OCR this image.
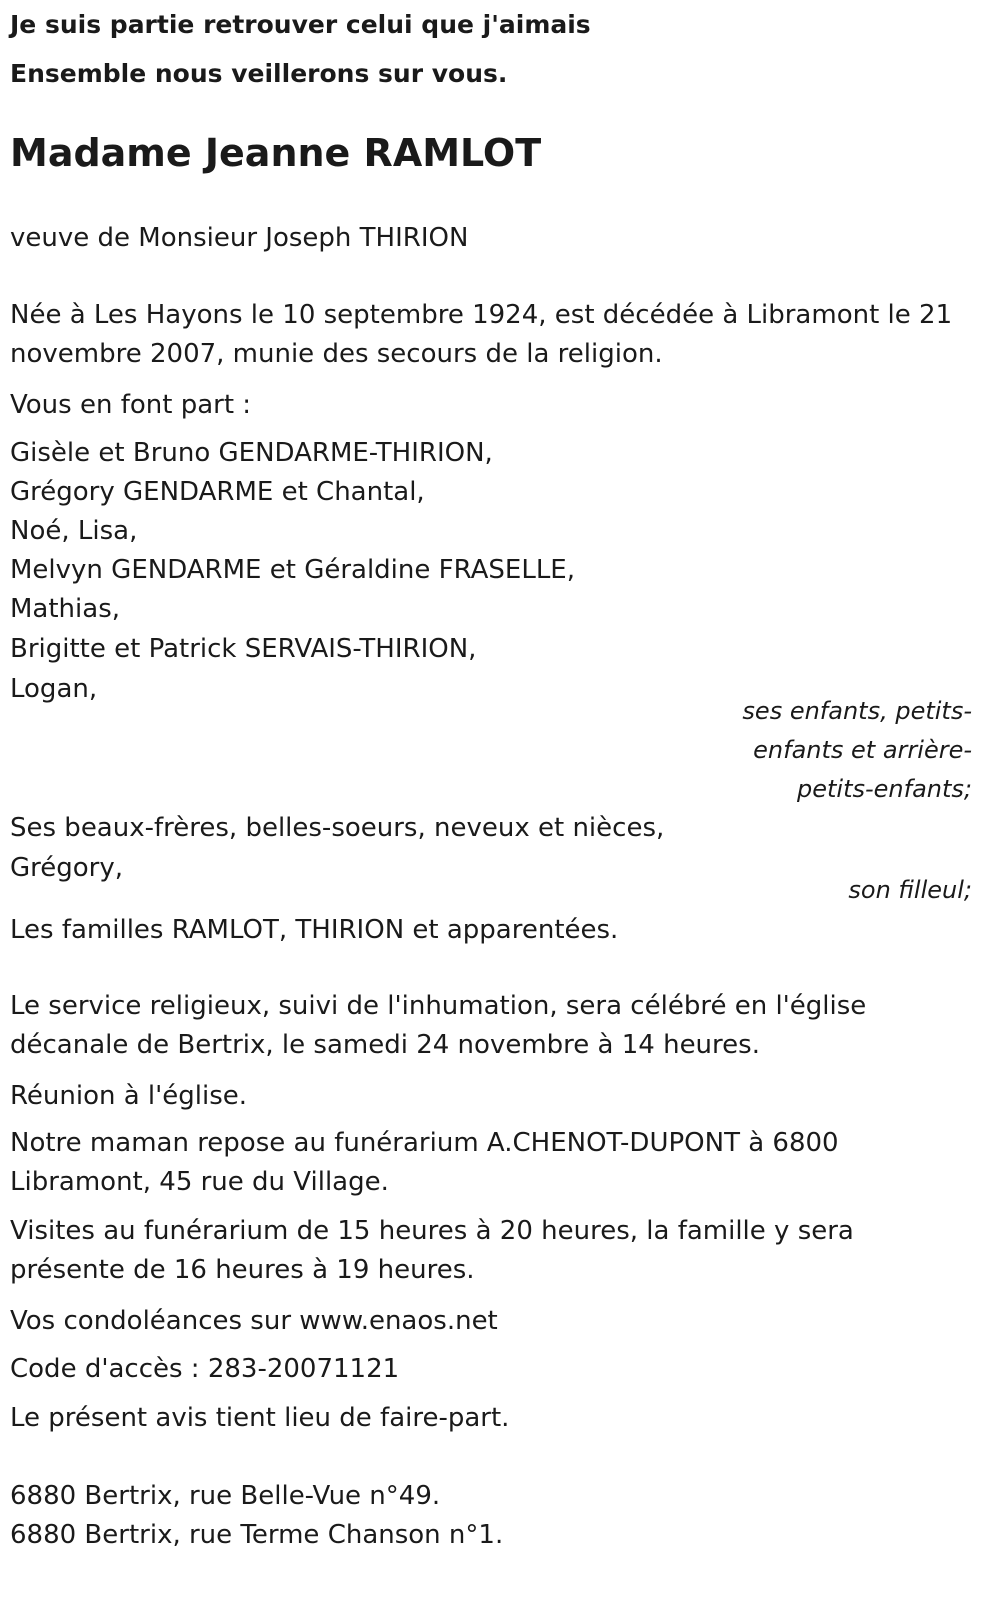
Je suis partie retrouver celui que j'aimais
Ensemble nous veillerons sur vous.
Madame Jeanne RAMLOT
veuve de Monsieur Joseph THIRION
Née à Les Hayons le 10 septembre 1924, est décédée à Libramont le 21 novembre 2007, munie des secours de la religion.
Vous en font part :
Gisèle et Bruno GENDARME-THIRION,
Grégory GENDARME et Chantal,
Noé, Lisa,
Melvyn GENDARME et Géraldine FRASELLE,
Mathias,
Brigitte et Patrick SERVAIS-THIRION,
Logan,
ses enfants, petits-enfants et arrière-petits-enfants;
Ses beaux-frères, belles-soeurs, neveux et nièces,
Grégory,
son filleul;
Les familles RAMLOT, THIRION et apparentées.
Le service religieux, suivi de l'inhumation, sera célébré en l'église décanale de Bertrix, le samedi 24 novembre à 14 heures.
Réunion à l'église.
Notre maman repose au funérarium A.CHENOT-DUPONT à 6800 Libramont, 45 rue du Village.
Visites au funérarium de 15 heures à 20 heures, la famille y sera présente de 16 heures à 19 heures.
Vos condoléances sur www.enaos.net
Code d'accès : 283-20071121
Le présent avis tient lieu de faire-part.
6880 Bertrix, rue Belle-Vue n°49.
6880 Bertrix, rue Terme Chanson n°1.
